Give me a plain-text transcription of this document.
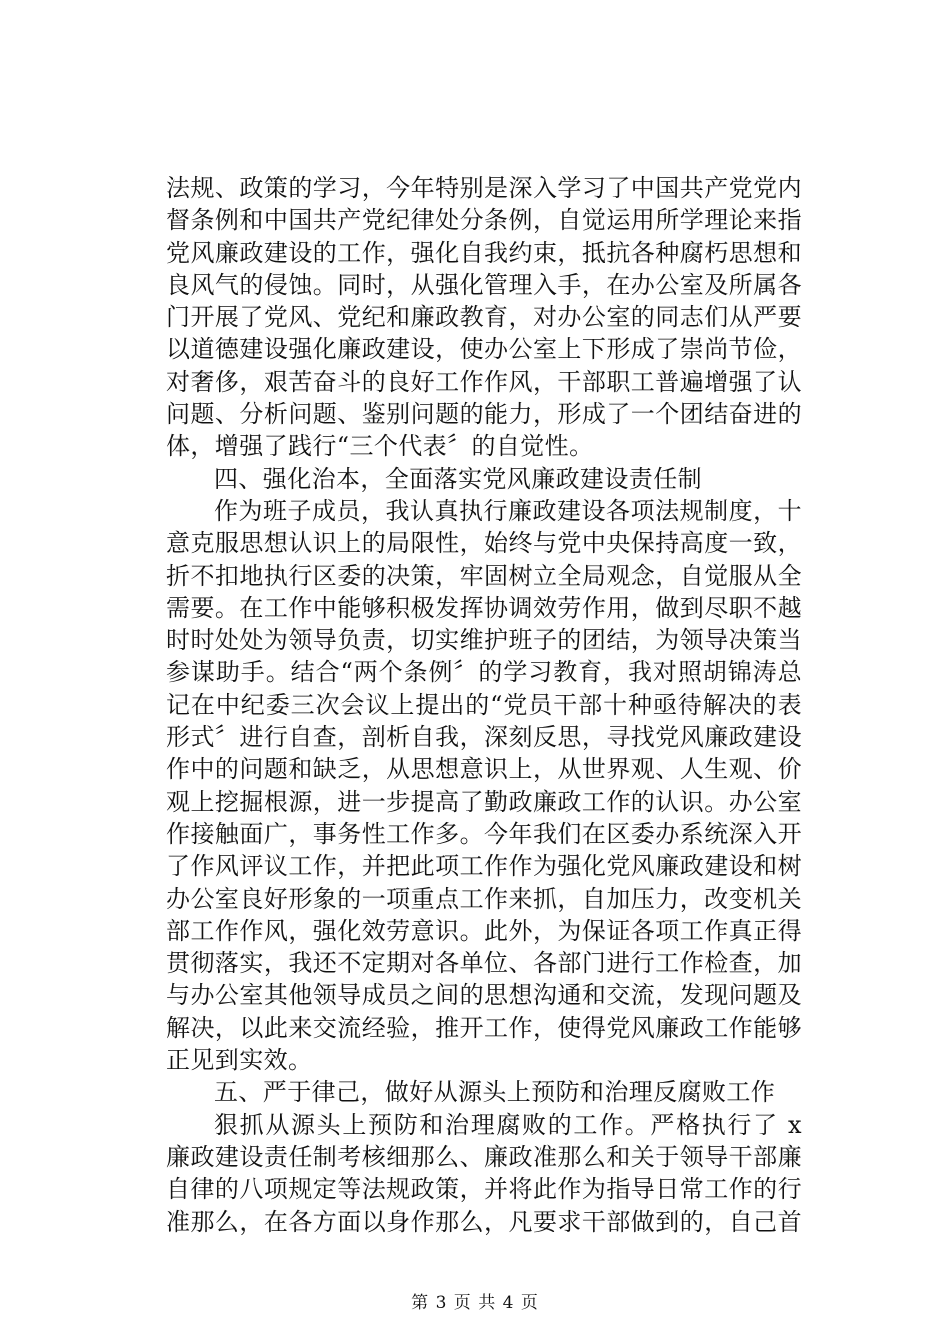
法规、政策的学习，今年特别是深入学习了中国共产党党内
督条例和中国共产党纪律处分条例，自觉运用所学理论来指
党风廉政建设的工作，强化自我约束，抵抗各种腐朽思想和
良风气的侵蚀。同时，从强化管理入手，在办公室及所属各
门开展了党风、党纪和廉政教育，对办公室的同志们从严要
以道德建设强化廉政建设，使办公室上下形成了崇尚节俭，
对奢侈，艰苦奋斗的良好工作作风，干部职工普遍增强了认
问题、分析问题、鉴别问题的能力，形成了一个团结奋进的
体，增强了践行“三个代表〞的自觉性。
四、强化治本，全面落实党风廉政建设责任制
作为班子成员，我认真执行廉政建设各项法规制度，十
意克服思想认识上的局限性，始终与党中央保持高度一致，
折不扣地执行区委的决策，牢固树立全局观念，自觉服从全
需要。在工作中能够积极发挥协调效劳作用，做到尽职不越
时时处处为领导负责，切实维护班子的团结，为领导决策当
参谋助手。结合“两个条例〞的学习教育，我对照胡锦涛总
记在中纪委三次会议上提出的“党员干部十种亟待解决的表
形式〞进行自查，剖析自我，深刻反思，寻找党风廉政建设
作中的问题和缺乏，从思想意识上，从世界观、人生观、价
观上挖掘根源，进一步提高了勤政廉政工作的认识。办公室
作接触面广，事务性工作多。今年我们在区委办系统深入开
了作风评议工作，并把此项工作作为强化党风廉政建设和树
办公室良好形象的一项重点工作来抓，自加压力，改变机关
部工作作风，强化效劳意识。此外，为保证各项工作真正得
贯彻落实，我还不定期对各单位、各部门进行工作检查，加
与办公室其他领导成员之间的思想沟通和交流，发现问题及
解决，以此来交流经验，推开工作，使得党风廉政工作能够
正见到实效。
五、严于律己，做好从源头上预防和治理反腐败工作
狠抓从源头上预防和治理腐败的工作。严格执行了 x
廉政建设责任制考核细那么、廉政准那么和关于领导干部廉
自律的八项规定等法规政策，并将此作为指导日常工作的行
准那么，在各方面以身作那么，凡要求干部做到的，自己首
第 3 页 共 4 页
